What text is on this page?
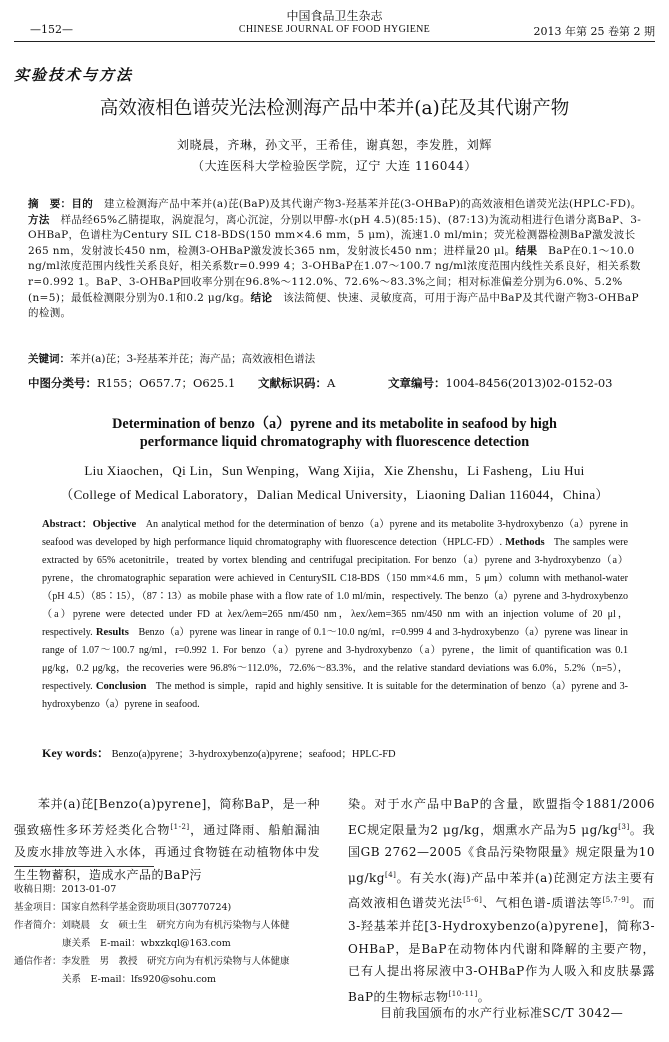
中国食品卫生杂志
—152—	CHINESE JOURNAL OF FOOD HYGIENE	2013 年第 25 卷第 2 期
实验技术与方法
高效液相色谱荧光法检测海产品中苯并(a)芘及其代谢产物
刘晓晨，齐琳，孙文平，王希佳，谢真恕，李发胜，刘辉
（大连医科大学检验医学院，辽宁 大连 116044）
摘　要：目的　 建立检测海产品中苯并(a)芘(BaP)及其代谢产物3-羟基苯并芘(3-OHBaP)的高效液相色谱荧光法(HPLC-FD)。方法　 样品经65%乙腈提取，涡旋混匀，离心沉淀，分别以甲醇-水(pH 4.5)(85:15)、(87:13)为流动相进行色谱分离BaP、3-OHBaP，色谱柱为Century SIL C18-BDS(150 mm×4.6 mm，5 μm)，流速1.0 ml/min；荧光检测器检测BaP激发波长265 nm，发射波长450 nm，检测3-OHBaP激发波长365 nm，发射波长450 nm；进样量20 μl。结果　 BaP在0.1～10.0 ng/ml浓度范围内线性关系良好，相关系数r=0.999 4；3-OHBaP在1.07～100.7 ng/ml浓度范围内线性关系良好，相关系数r=0.992 1。BaP、3-OHBaP回收率分别在96.8%～112.0%、72.6%～83.3%之间；相对标准偏差分别为6.0%、5.2%(n=5)；最低检测限分别为0.1和0.2 μg/kg。结论　 该法简便、快速、灵敏度高，可用于海产品中BaP及其代谢产物3-OHBaP的检测。
关键词：苯并(a)芘；3-羟基苯并芘；海产品；高效液相色谱法
中图分类号：R155；O657.7；O625.1 文献标识码：A	文章编号：1004-8456(2013)02-0152-03
Determination of benzo（a）pyrene and its metabolite in seafood by high
performance liquid chromatography with fluorescence detection
Liu Xiaochen，Qi Lin，Sun Wenping，Wang Xijia，Xie Zhenshu，Li Fasheng，Liu Hui
（College of Medical Laboratory，Dalian Medical University，Liaoning Dalian 116044，China）
Abstract：Objective An analytical method for the determination of benzo（a）pyrene and its metabolite 3-hydroxybenzo（a）pyrene in seafood was developed by high performance liquid chromatography with fluorescence detection（HPLC-FD）. Methods The samples were extracted by 65% acetonitrile，treated by vortex blending and centrifugal precipitation. For benzo（a）pyrene and 3-hydroxybenzo（a）pyrene，the chromatographic separation were achieved in CenturySIL C18-BDS（150 mm×4.6 mm，5 μm）column with methanol-water（pH 4.5）（85∶15），（87∶13）as mobile phase with a flow rate of 1.0 ml/min，respectively. The benzo（a）pyrene and 3-hydroxybenzo（a）pyrene were detected under FD at λex/λem=265 nm/450 nm，λex/λem=365 nm/450 nm with an injection volume of 20 μl，respectively. Results Benzo（a）pyrene was linear in range of 0.1～10.0 ng/ml，r=0.999 4 and 3-hydroxybenzo（a）pyrene was linear in range of 1.07～100.7 ng/ml，r=0.992 1. For benzo（a）pyrene and 3-hydroxybenzo（a）pyrene，the limit of quantification was 0.1 μg/kg，0.2 μg/kg，the recoveries were 96.8%～112.0%，72.6%～83.3%，and the relative standard deviations was 6.0%，5.2%（n=5），respectively. Conclusion The method is simple，rapid and highly sensitive. It is suitable for the determination of benzo（a）pyrene and 3-hydroxybenzo（a）pyrene in seafood.
Key words： Benzo(a)pyrene；3-hydroxybenzo(a)pyrene；seafood；HPLC-FD

苯并(a)芘[Benzo(a)pyrene]，简称BaP，是一种强致癌性多环芳烃类化合物[1-2]，通过降雨、船舶漏油及废水排放等进入水体，再通过食物链在动植物体中发生生物蓄积，造成水产品的BaP污

收稿日期：2013-01-07
基金项目：国家自然科学基金资助项目(30770724)
作者简介：刘晓晨　女　硕士生　研究方向为有机污染物与人体健
康关系　E-mail：wbxzkql@163.com
通信作者：李发胜　男　教授　研究方向为有机污染物与人体健康
关系　E-mail：lfs920@sohu.com

染。对于水产品中BaP的含量，欧盟指令1881/2006 EC规定限量为2 μg/kg，烟熏水产品为5 μg/kg[3]。我国GB 2762—2005《食品污染物限量》规定限量为10 μg/kg[4]。有关水(海)产品中苯并(a)芘测定方法主要有高效液相色谱荧光法[5-6]、气相色谱-质谱法等[5,7-9]。而3-羟基苯并芘[3-Hydroxybenzo(a)pyrene]，简称3-OHBaP，是BaP在动物体内代谢和降解的主要产物，已有人提出将尿液中3-OHBaP作为人吸入和皮肤暴露BaP的生物标志物[10-11]。

目前我国颁布的水产行业标准SC/T 3042—
